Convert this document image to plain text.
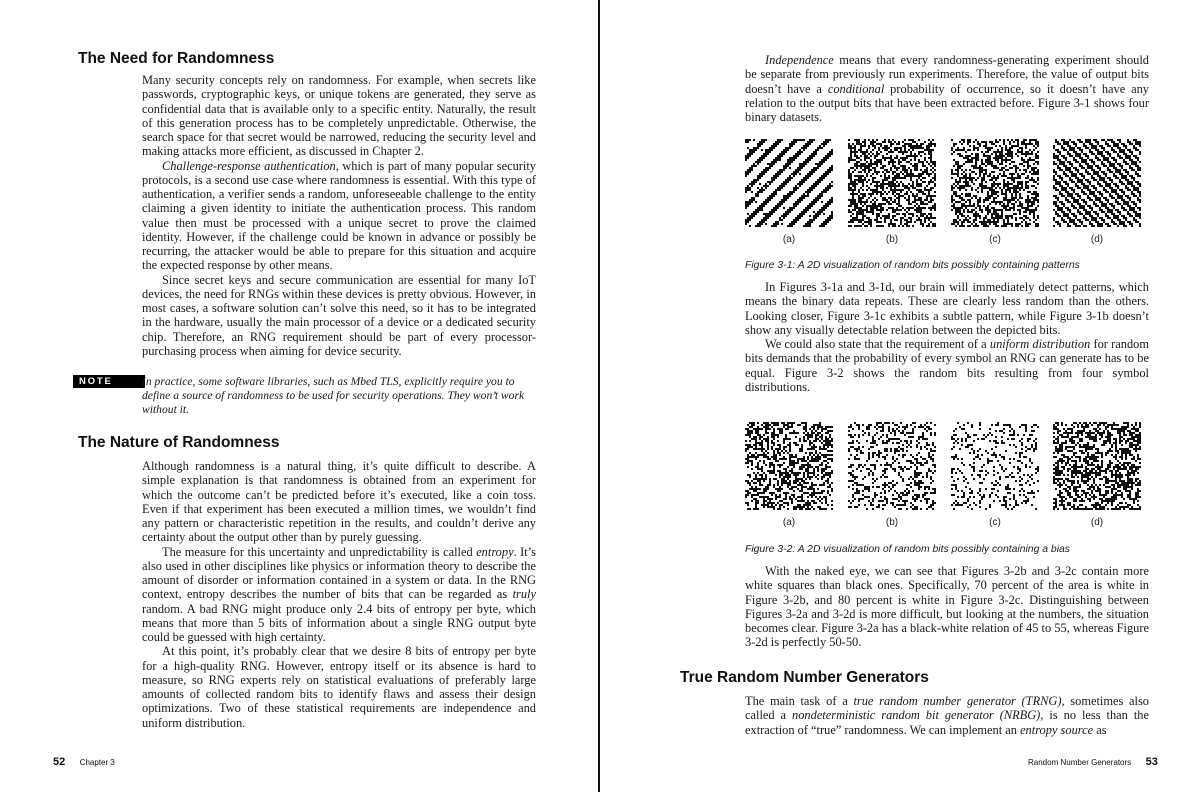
The Need for Randomness

Many security concepts rely on randomness. For example, when secrets like passwords, cryptographic keys, or unique tokens are generated, they serve as confidential data that is available only to a specific entity. Naturally, the result of this generation process has to be completely unpredictable. Otherwise, the search space for that secret would be narrowed, reducing the security level and making attacks more efficient, as discussed in Chapter 2.

Challenge-response authentication, which is part of many popular security protocols, is a second use case where randomness is essential. With this type of authentication, a verifier sends a random, unforeseeable challenge to the entity claiming a given identity to initiate the authentication process. This random value then must be processed with a unique secret to prove the claimed identity. However, if the challenge could be known in advance or possibly be recurring, the attacker would be able to prepare for this situation and acquire the expected response by other means.

Since secret keys and secure communication are essential for many IoT devices, the need for RNGs within these devices is pretty obvious. However, in most cases, a software solution can’t solve this need, so it has to be integrated in the hardware, usually the main processor of a device or a dedicated security chip. Therefore, an RNG requirement should be part of every processor-purchasing process when aiming for device security.

NOTE	In practice, some software libraries, such as Mbed TLS, explicitly require you to define a source of randomness to be used for security operations. They won’t work without it.
The Nature of Randomness

Although randomness is a natural thing, it’s quite difficult to describe. A simple explanation is that randomness is obtained from an experiment for which the outcome can’t be predicted before it’s executed, like a coin toss. Even if that experiment has been executed a million times, we wouldn’t find any pattern or characteristic repetition in the results, and couldn’t derive any certainty about the output other than by purely guessing.

The measure for this uncertainty and unpredictability is called entropy. It’s also used in other disciplines like physics or information theory to describe the amount of disorder or information contained in a system or data. In the RNG context, entropy describes the number of bits that can be regarded as truly random. A bad RNG might produce only 2.4 bits of entropy per byte, which means that more than 5 bits of information about a single RNG output byte could be guessed with high certainty.

At this point, it’s probably clear that we desire 8 bits of entropy per byte for a high-quality RNG. However, entropy itself or its absence is hard to measure, so RNG experts rely on statistical evaluations of preferably large amounts of collected random bits to identify flaws and assess their design optimizations. Two of these statistical requirements are independence and uniform distribution.

52 Chapter 3

Independence means that every randomness-generating experiment should be separate from previously run experiments. Therefore, the value of output bits doesn’t have a conditional probability of occurrence, so it doesn’t have any relation to the output bits that have been extracted before. Figure 3-1 shows four binary datasets.

(a)	(b)	(c)	(d)
Figure 3-1: A 2D visualization of random bits possibly containing patterns

In Figures 3-1a and 3-1d, our brain will immediately detect patterns, which means the binary data repeats. These are clearly less random than the others. Looking closer, Figure 3-1c exhibits a subtle pattern, while Figure 3-1b doesn’t show any visually detectable relation between the depicted bits.

We could also state that the requirement of a uniform distribution for random bits demands that the probability of every symbol an RNG can generate has to be equal. Figure 3-2 shows the random bits resulting from four symbol distributions.

(a)	(b)	(c)	(d)
Figure 3-2: A 2D visualization of random bits possibly containing a bias

With the naked eye, we can see that Figures 3-2b and 3-2c contain more white squares than black ones. Specifically, 70 percent of the area is white in Figure 3-2b, and 80 percent is white in Figure 3-2c. Distinguishing between Figures 3-2a and 3-2d is more difficult, but looking at the numbers, the situation becomes clear. Figure 3-2a has a black-white relation of 45 to 55, whereas Figure 3-2d is perfectly 50-50.

True Random Number Generators

The main task of a true random number generator (TRNG), sometimes also called a nondeterministic random bit generator (NRBG), is no less than the extraction of “true” randomness. We can implement an entropy source as

Random Number Generators 53
